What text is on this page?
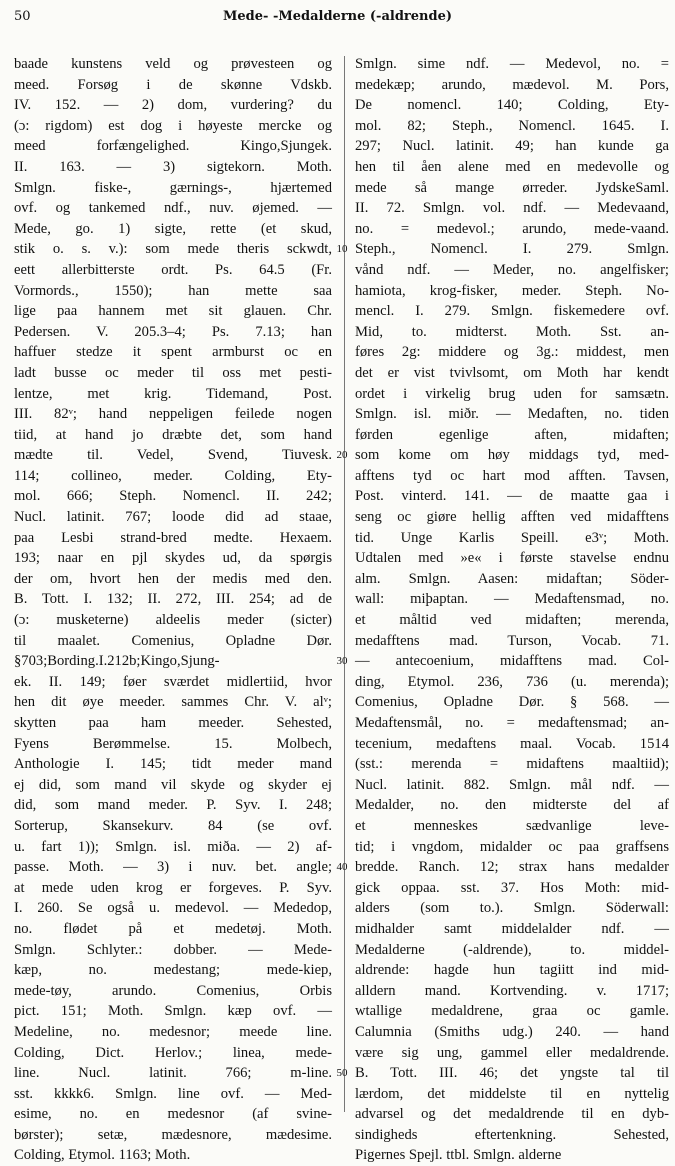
50	Mede- -Medalderne (-aldrende)
baade kunstens veld og prøvesteen og
meed. Forsøg i de skønne Vdskb.
IV. 152. — 2) dom, vurdering? du
(ɔ: rigdom) est dog i høyeste mercke og
meed forfængelighed. Kingo,Sjungek.
II. 163. — 3) sigtekorn. Moth.
Smlgn. fiske-, gærnings-, hjærtemed
ovf. og tankemed ndf., nuv. øjemed. —
Mede, go. 1) sigte, rette (et skud,
stik o. s. v.): som mede theris sckwdt,
eett allerbitterste ordt. Ps. 64.5 (Fr.
Vormords., 1550); han mette saa
lige paa hannem met sit glauen. Chr.
Pedersen. V. 205.3–4; Ps. 7.13; han
haffuer stedze it spent armburst oc en
ladt busse oc meder til oss met pesti-
lentze, met krig. Tidemand, Post.
III. 82ᵛ; hand neppeligen feilede nogen
tiid, at hand jo dræbte det, som hand
mædte til. Vedel, Svend, Tiuvesk.
114; collineo, meder. Colding, Ety-
mol. 666; Steph. Nomencl. II. 242;
Nucl. latinit. 767; loode did ad staae,
paa Lesbi strand-bred medte. Hexaem.
193; naar en pjl skydes ud, da spørgis
der om, hvort hen der medis med den.
B. Tott. I. 132; II. 272, III. 254; ad de
(ɔ: musketerne) aldeelis meder (sicter)
til maalet. Comenius, Opladne Dør.
§703;Bording.I.212b;Kingo,Sjung-
ek. II. 149; føer sværdet midlertiid, hvor
hen dit øye meeder. sammes Chr. V. alᵛ;
skytten paa ham meeder. Sehested,
Fyens Berømmelse. 15. Molbech,
Anthologie I. 145; tidt meder mand
ej did, som mand vil skyde og skyder ej
did, som mand meder. P. Syv. I. 248;
Sorterup, Skansekurv. 84 (se ovf.
u. fart 1)); Smlgn. isl. miða. — 2) af-
passe. Moth. — 3) i nuv. bet. angle;
at mede uden krog er forgeves. P. Syv.
I. 260. Se også u. medevol. — Mededop,
no. flødet på et medetøj. Moth.
Smlgn. Schlyter.: dobber. — Mede-
kæp, no. medestang; mede-kiep,
mede-tøy, arundo. Comenius, Orbis
pict. 151; Moth. Smlgn. kæp ovf. —
Medeline, no. medesnor; meede line.
Colding, Dict. Herlov.; linea, mede-
line. Nucl. latinit. 766; m-line.
sst. kkkk6. Smlgn. line ovf. — Med-
esime, no. en medesnor (af svine-
børster); setæ, mædesnore, mædesime.
Colding, Etymol. 1163; Moth.
10
20
30
40
50
Smlgn. sime ndf. — Medevol, no. =
medekæp; arundo, mædevol. M. Pors,
De nomencl. 140; Colding, Ety-
mol. 82; Steph., Nomencl. 1645. I.
297; Nucl. latinit. 49; han kunde ga
hen til åen alene med en medevolle og
mede så mange ørreder. JydskeSaml.
II. 72. Smlgn. vol. ndf. — Medevaand,
no. = medevol.; arundo, mede-vaand.
Steph., Nomencl. I. 279. Smlgn.
vånd ndf. — Meder, no. angelfisker;
hamiota, krog-fisker, meder. Steph. No-
mencl. I. 279. Smlgn. fiskemedere ovf.
Mid, to. midterst. Moth. Sst. an-
føres 2g: middere og 3g.: middest, men
det er vist tvivlsomt, om Moth har kendt
ordet i virkelig brug uden for samsætn.
Smlgn. isl. miðr. — Medaften, no. tiden
førden egenlige aften, midaften;
som kome om høy middags tyd, med-
afftens tyd oc hart mod afften. Tavsen,
Post. vinterd. 141. — de maatte gaa i
seng oc giøre hellig afften ved midafftens
tid. Unge Karlis Speill. e3ᵛ; Moth.
Udtalen med »e« i første stavelse endnu
alm. Smlgn. Aasen: midaftan; Söder-
wall: miþaptan. — Medaftensmad, no.
et måltid ved midaften; merenda,
medafftens mad. Turson, Vocab. 71.
— antecoenium, midafftens mad. Col-
ding, Etymol. 236, 736 (u. merenda);
Comenius, Opladne Dør. § 568. —
Medaftensmål, no. = medaftensmad; an-
tecenium, medaftens maal. Vocab. 1514
(sst.: merenda = midaftens maaltiid);
Nucl. latinit. 882. Smlgn. mål ndf. —
Medalder, no. den midterste del af
et menneskes sædvanlige leve-
tid; i vngdom, midalder oc paa graffsens
bredde. Ranch. 12; strax hans medalder
gick oppaa. sst. 37. Hos Moth: mid-
alders (som to.). Smlgn. Söderwall:
midhalder samt middelalder ndf. —
Medalderne (-aldrende), to. middel-
aldrende: hagde hun tagiitt ind mid-
alldern mand. Kortvending. v. 1717;
wtallige medaldrene, graa oc gamle.
Calumnia (Smiths udg.) 240. — hand
være sig ung, gammel eller medaldrende.
B. Tott. III. 46; det yngste tal til
lærdom, det middelste til en nyttelig
advarsel og det medaldrende til en dyb-
sindigheds eftertenkning. Sehested,
Pigernes Spejl. ttbl. Smlgn. alderne
